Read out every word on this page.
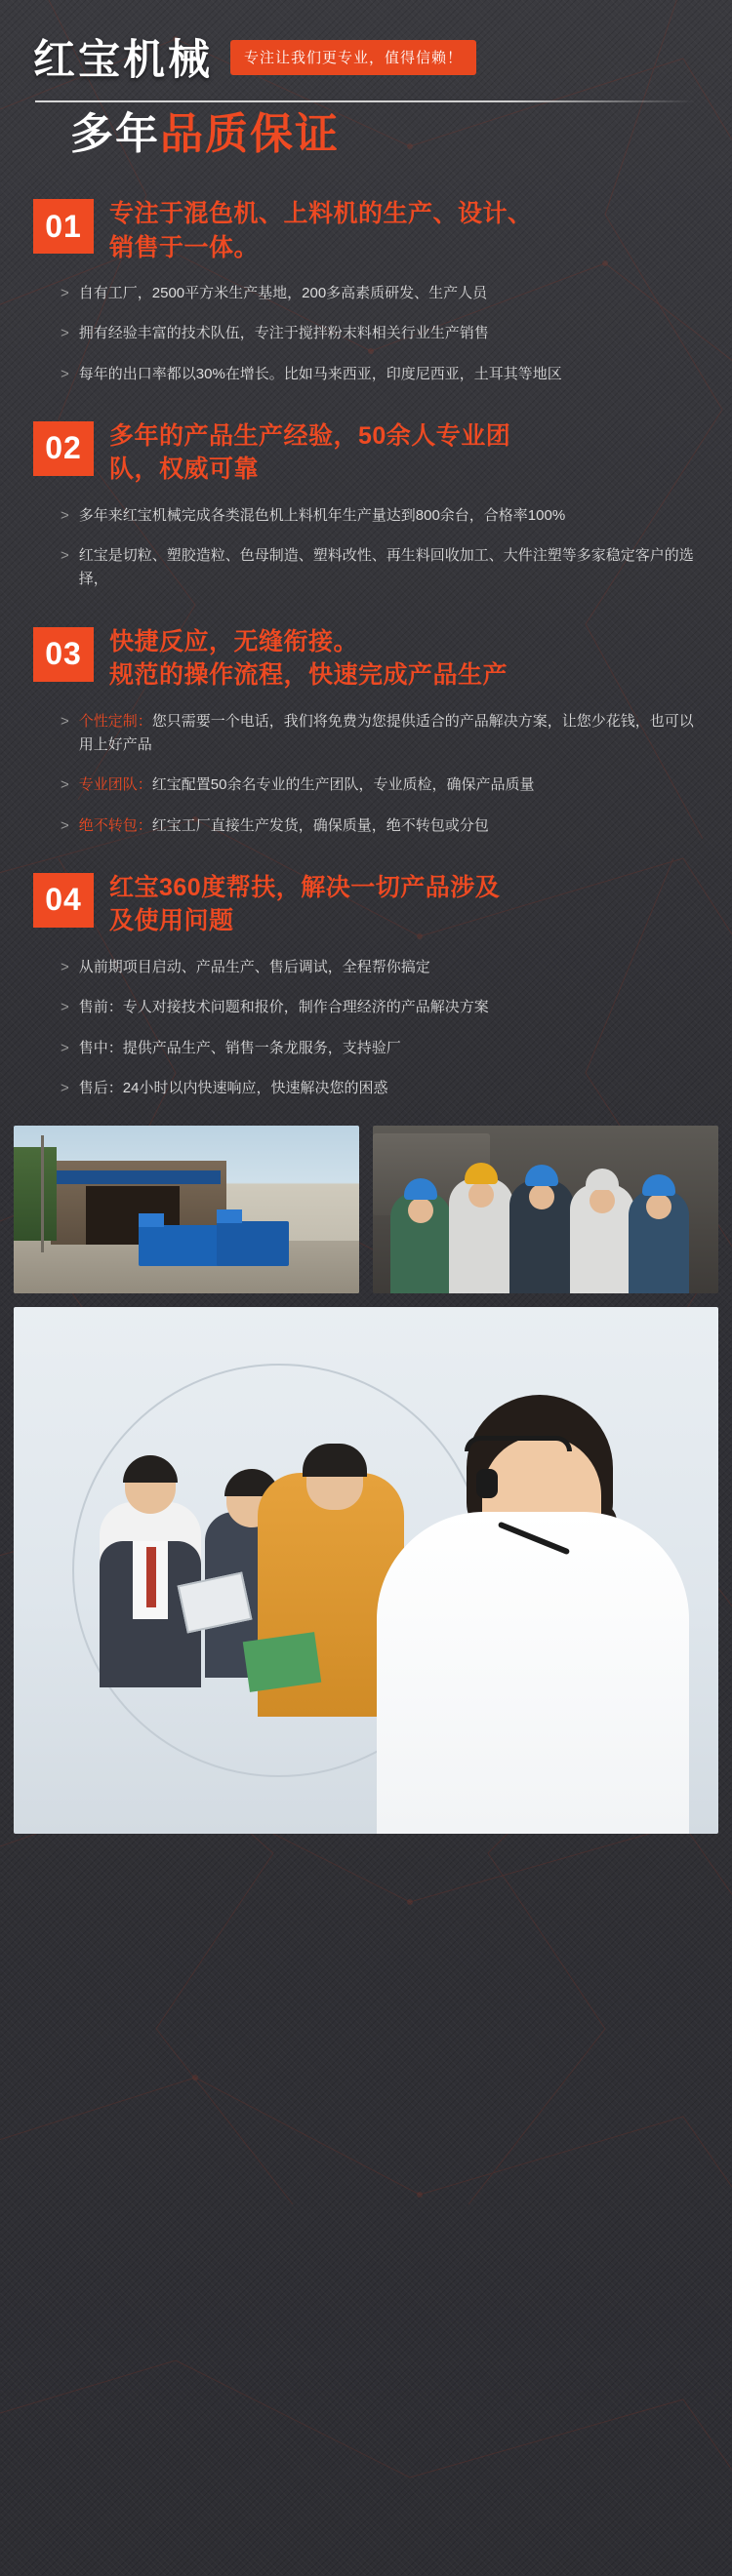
红宝机械	专注让我们更专业，值得信赖！
多年品质保证
01	专注于混色机、上料机的生产、设计、
销售于一体。
> 自有工厂，2500平方米生产基地，200多高素质研发、生产人员
> 拥有经验丰富的技术队伍，专注于搅拌粉末料相关行业生产销售
> 每年的出口率都以30%在增长。比如马来西亚，印度尼西亚，土耳其等地区
02	多年的产品生产经验，50余人专业团
队，权威可靠
> 多年来红宝机械完成各类混色机上料机年生产量达到800余台，合格率100%
> 红宝是切粒、塑胶造粒、色母制造、塑料改性、再生料回收加工、大件注塑等多家稳定客户的选择，
03	快捷反应，无缝衔接。
规范的操作流程，快速完成产品生产
> 个性定制：您只需要一个电话，我们将免费为您提供适合的产品解决方案，让您少花钱，也可以用上好产品
> 专业团队：红宝配置50余名专业的生产团队，专业质检，确保产品质量
> 绝不转包：红宝工厂直接生产发货，确保质量，绝不转包或分包
04	红宝360度帮扶，解决一切产品涉及
及使用问题
> 从前期项目启动、产品生产、售后调试，全程帮你搞定
> 售前：专人对接技术问题和报价，制作合理经济的产品解决方案
> 售中：提供产品生产、销售一条龙服务，支持验厂
> 售后：24小时以内快速响应，快速解决您的困惑
